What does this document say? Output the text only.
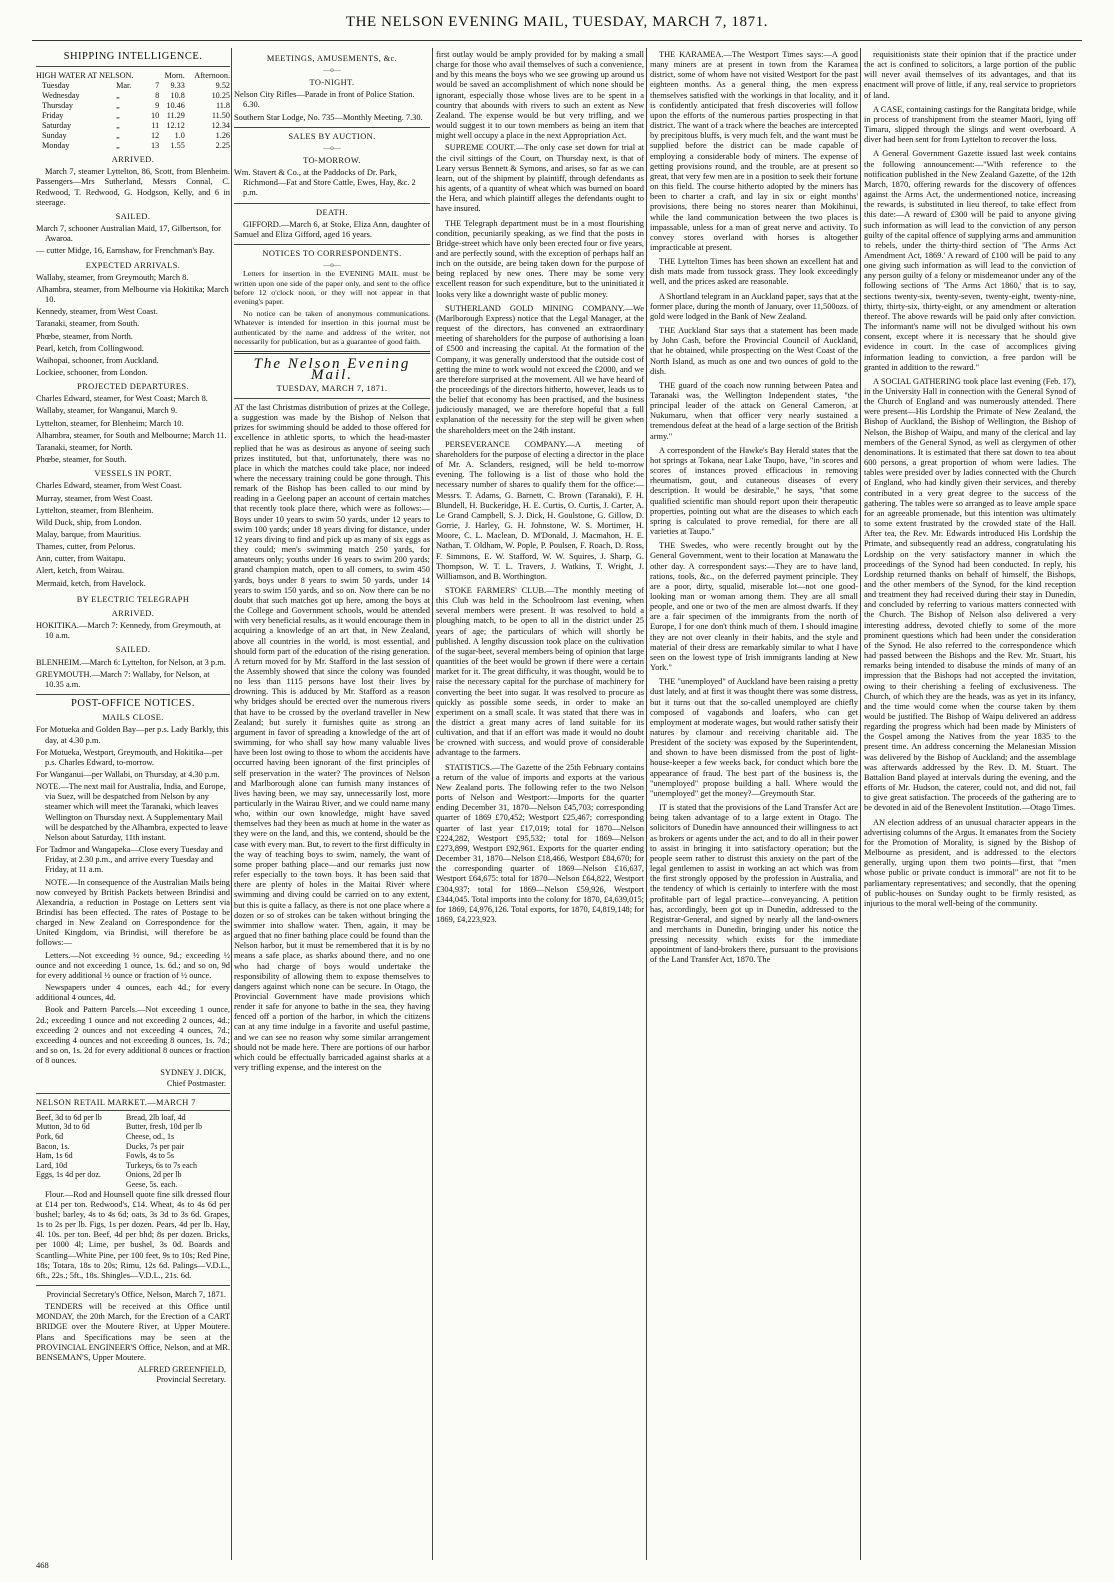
THE NELSON EVENING MAIL, TUESDAY, MARCH 7, 1871.
SHIPPING INTELLIGENCE.
HIGH WATER AT NELSON.			Morn.	Afternoon.
Tuesday	Mar.	7	9.33	9.52
Wednesday	„	8	10.8	10.25
Thursday	„	9	10.46	11.8
Friday	„	10	11.29	11.50
Saturday	„	11	12.12	12.34
Sunday	„	12	1.0	1.26
Monday	„	13	1.55	2.25
ARRIVED.

March 7, steamer Lyttelton, 86, Scott, from Blenheim. Passengers—Mrs Sutherland, Messrs Connal, C. Redwood, T. Redwood, G. Hodgson, Kelly, and 6 in steerage.

SAILED.

March 7, schooner Australian Maid, 17, Gilbertson, for Awaroa.

— cutter Midge, 16, Earnshaw, for Frenchman's Bay.

EXPECTED ARRIVALS.

Wallaby, steamer, from Greymouth; March 8.

Alhambra, steamer, from Melbourne via Hokitika; March 10.

Kennedy, steamer, from West Coast.

Taranaki, steamer, from South.

Phœbe, steamer, from North.

Pearl, ketch, from Collingwood.

Waihopai, schooner, from Auckland.

Lockiee, schooner, from London.

PROJECTED DEPARTURES.

Charles Edward, steamer, for West Coast; March 8.

Wallaby, steamer, for Wanganui, March 9.

Lyttelton, steamer, for Blenheim; March 10.

Alhambra, steamer, for South and Melbourne; March 11.

Taranaki, steamer, for North.

Phœbe, steamer, for South.

VESSELS IN PORT.

Charles Edward, steamer, from West Coast.

Murray, steamer, from West Coast.

Lyttelton, steamer, from Blenheim.

Wild Duck, ship, from London.

Malay, barque, from Mauritius.

Thames, cutter, from Pelorus.

Ann, cutter, from Waitapu.

Alert, ketch, from Wairau.

Mermaid, ketch, from Havelock.

BY ELECTRIC TELEGRAPH
ARRIVED.

HOKITIKA.—March 7: Kennedy, from Greymouth, at 10 a.m.

SAILED.

BLENHEIM.—March 6: Lyttelton, for Nelson, at 3 p.m.

GREYMOUTH.—March 7: Wallaby, for Nelson, at 10.35 a.m.

POST-OFFICE NOTICES.
MAILS CLOSE.

For Motueka and Golden Bay—per p.s. Lady Barkly, this day, at 4.30 p.m.

For Motueka, Westport, Greymouth, and Hokitika—per p.s. Charles Edward, to-morrow.

For Wanganui—per Wallabi, on Thursday, at 4.30 p.m.

NOTE.—The next mail for Australia, India, and Europe, via Suez, will be despatched from Nelson by any steamer which will meet the Taranaki, which leaves Wellington on Thursday next. A Supplementary Mail will be despatched by the Alhambra, expected to leave Nelson about Saturday, 11th instant.

For Tadmor and Wangapeka—Close every Tuesday and Friday, at 2.30 p.m., and arrive every Tuesday and Friday, at 11 a.m.

NOTE.—In consequence of the Australian Mails being now conveyed by British Packets between Brindisi and Alexandria, a reduction in Postage on Letters sent via Brindisi has been effected. The rates of Postage to be charged in New Zealand on Correspondence for the United Kingdom, via Brindisi, will therefore be as follows:—

Letters.—Not exceeding ½ ounce, 9d.; exceeding ½ ounce and not exceeding 1 ounce, 1s. 6d.; and so on, 9d for every additional ½ ounce or fraction of ½ ounce.

Newspapers under 4 ounces, each 4d.; for every additional 4 ounces, 4d.

Book and Pattern Parcels.—Not exceeding 1 ounce, 2d.; exceeding 1 ounce and not exceeding 2 ounces, 4d.; exceeding 2 ounces and not exceeding 4 ounces, 7d.; exceeding 4 ounces and not exceeding 8 ounces, 1s. 7d.; and so on, 1s. 2d for every additional 8 ounces or fraction of 8 ounces.

SYDNEY J. DICK,
Chief Postmaster.
NELSON RETAIL MARKET.—MARCH 7
Beef, 3d to 6d per lb	Bread, 2lb loaf, 4d
Mutton, 3d to 6d	Butter, fresh, 10d per lb
Pork, 6d	Cheese, od., 1s
Bacon, 1s.	Ducks, 7s per pair
Ham, 1s 6d	Fowls, 4s to 5s
Lard, 10d	Turkeys, 6s to 7s each
Eggs, 1s 4d per doz.	Onions, 2d per lb
	Geese, 5s. each.

Flour.—Rod and Hounsell quote fine silk dressed flour at £14 per ton. Redwood's, £14. Wheat, 4s to 4s 6d per bushel; barley, 4s to 4s 6d; oats, 3s 3d to 3s 6d. Grapes, 1s to 2s per lb. Figs, 1s per dozen. Pears, 4d per lb. Hay, 4l. 10s. per ton. Beef, 4d per bhd; 8s per dozen. Bricks, per 1000 4l; Lime, per bushel, 3s 0d. Boards and Scantling—White Pine, per 100 feet, 9s to 10s; Red Pine, 18s; Totara, 18s to 20s; Rimu, 12s 6d. Palings—V.D.L., 6ft., 22s.; 5ft., 18s. Shingles—V.D.L., 21s. 6d.

Provincial Secretary's Office, Nelson, March 7, 1871.

TENDERS will be received at this Office until MONDAY, the 20th March, for the Erection of a CART BRIDGE over the Moutere River, at Upper Moutere. Plans and Specifications may be seen at the PROVINCIAL ENGINEER'S Office, Nelson, and at MR. BENSEMAN'S, Upper Moutere.

ALFRED GREENFIELD,
Provincial Secretary.
MEETINGS, AMUSEMENTS, &c.
—o—
TO-NIGHT.

Nelson City Rifles—Parade in front of Police Station. 6.30.

Southern Star Lodge, No. 735—Monthly Meeting. 7.30.

SALES BY AUCTION.
—o—
TO-MORROW.

Wm. Stavert & Co., at the Paddocks of Dr. Park, Richmond—Fat and Store Cattle, Ewes, Hay, &c. 2 p.m.

DEATH.

GIFFORD.—March 6, at Stoke, Eliza Ann, daughter of Samuel and Eliza Gifford, aged 16 years.

NOTICES TO CORRESPONDENTS.
—o—

Letters for insertion in the EVENING MAIL must be written upon one side of the paper only, and sent to the office before 12 o'clock noon, or they will not appear in that evening's paper.

No notice can be taken of anonymous communications. Whatever is intended for insertion in this journal must be authenticated by the name and address of the writer, not necessarily for publication, but as a guarantee of good faith.

The Nelson Evening Mail.
TUESDAY, MARCH 7, 1871.

AT the last Christmas distribution of prizes at the College, a suggestion was made by the Bishop of Nelson that prizes for swimming should be added to those offered for excellence in athletic sports, to which the head-master replied that he was as desirous as anyone of seeing such prizes instituted, but that, unfortunately, there was no place in which the matches could take place, nor indeed where the necessary training could be gone through. This remark of the Bishop has been called to our mind by reading in a Geelong paper an account of certain matches that recently took place there, which were as follows:—Boys under 10 years to swim 50 yards, under 12 years to swim 100 yards; under 18 years diving for distance, under 12 years diving to find and pick up as many of six eggs as they could; men's swimming match 250 yards, for amateurs only; youths under 16 years to swim 200 yards; grand champion match, open to all comers, to swim 450 yards, boys under 8 years to swim 50 yards, under 14 years to swim 150 yards, and so on. Now there can be no doubt that such matches got up here, among the boys at the College and Government schools, would be attended with very beneficial results, as it would encourage them in acquiring a knowledge of an art that, in New Zealand, above all countries in the world, is most essential, and should form part of the education of the rising generation. A return moved for by Mr. Stafford in the last session of the Assembly showed that since the colony was founded no less than 1115 persons have lost their lives by drowning. This is adduced by Mr. Stafford as a reason why bridges should be erected over the numerous rivers that have to be crossed by the overland traveller in New Zealand; but surely it furnishes quite as strong an argument in favor of spreading a knowledge of the art of swimming, for who shall say how many valuable lives have been lost owing to those to whom the accidents have occurred having been ignorant of the first principles of self preservation in the water? The provinces of Nelson and Marlborough alone can furnish many instances of lives having been, we may say, unnecessarily lost, more particularly in the Wairau River, and we could name many who, within our own knowledge, might have saved themselves had they been as much at home in the water as they were on the land, and this, we contend, should be the case with every man. But, to revert to the first difficulty in the way of teaching boys to swim, namely, the want of some proper bathing place—and our remarks just now refer especially to the town boys. It has been said that there are plenty of holes in the Maitai River where swimming and diving could be carried on to any extent, but this is quite a fallacy, as there is not one place where a dozen or so of strokes can be taken without bringing the swimmer into shallow water. Then, again, it may be argued that no finer bathing place could be found than the Nelson harbor, but it must be remembered that it is by no means a safe place, as sharks abound there, and no one who had charge of boys would undertake the responsibility of allowing them to expose themselves to dangers against which none can be secure. In Otago, the Provincial Government have made provisions which render it safe for anyone to bathe in the sea, they having fenced off a portion of the harbor, in which the citizens can at any time indulge in a favorite and useful pastime, and we can see no reason why some similar arrangement should not be made here. There are portions of our harbor which could be effectually barricaded against sharks at a very trifling expense, and the interest on the

first outlay would be amply provided for by making a small charge for those who avail themselves of such a convenience, and by this means the boys who we see growing up around us would be saved an accomplishment of which none should be ignorant, especially those whose lives are to be spent in a country that abounds with rivers to such an extent as New Zealand. The expense would be but very trifling, and we would suggest it to our town members as being an item that might well occupy a place in the next Appropriation Act.

SUPREME COURT.—The only case set down for trial at the civil sittings of the Court, on Thursday next, is that of Leary versus Bennett & Symons, and arises, so far as we can learn, out of the shipment by plaintiff, through defendants as his agents, of a quantity of wheat which was burned on board the Hera, and which plaintiff alleges the defendants ought to have insured.

THE Telegraph department must be in a most flourishing condition, pecuniarily speaking, as we find that the posts in Bridge-street which have only been erected four or five years, and are perfectly sound, with the exception of perhaps half an inch on the outside, are being taken down for the purpose of being replaced by new ones. There may be some very excellent reason for such expenditure, but to the uninitiated it looks very like a downright waste of public money.

SUTHERLAND GOLD MINING COMPANY.—We (Marlborough Express) notice that the Legal Manager, at the request of the directors, has convened an extraordinary meeting of shareholders for the purpose of authorising a loan of £500 and increasing the capital. At the formation of the Company, it was generally understood that the outside cost of getting the mine to work would not exceed the £2000, and we are therefore surprised at the movement. All we have heard of the proceedings of the directors hitherto, however, leads us to the belief that economy has been practised, and the business judiciously managed, we are therefore hopeful that a full explanation of the necessity for the step will be given when the shareholders meet on the 24th instant.

PERSEVERANCE COMPANY.—A meeting of shareholders for the purpose of electing a director in the place of Mr. A. Sclanders, resigned, will be held to-morrow evening. The following is a list of those who hold the necessary number of shares to qualify them for the office:—Messrs. T. Adams, G. Barnett, C. Brown (Taranaki), F. H. Blundell, H. Buckeridge, H. E. Curtis, O. Curtis, J. Carter, A. Le Grand Campbell, S. J. Dick, H. Goulstone, G. Gillow, D. Gorrie, J. Harley, G. H. Johnstone, W. S. Mortimer, H. Moore, C. L. Maclean, D. M'Donald, J. Macmahon, H. E. Nathan, T. Oldham, W. Pople, P. Poulsen, F. Roach, D. Ross, F. Simmons, E. W. Stafford, W. W. Squires, J. Sharp, G. Thompson, W. T. L. Travers, J. Watkins, T. Wright, J. Williamson, and B. Worthington.

STOKE FARMERS' CLUB.—The monthly meeting of this Club was held in the Schoolroom last evening, when several members were present. It was resolved to hold a ploughing match, to be open to all in the district under 25 years of age; the particulars of which will shortly be published. A lengthy discussion took place on the cultivation of the sugar-beet, several members being of opinion that large quantities of the beet would be grown if there were a certain market for it. The great difficulty, it was thought, would be to raise the necessary capital for the purchase of machinery for converting the beet into sugar. It was resolved to procure as quickly as possible some seeds, in order to make an experiment on a small scale. It was stated that there was in the district a great many acres of land suitable for its cultivation, and that if an effort was made it would no doubt be crowned with success, and would prove of considerable advantage to the farmers.

STATISTICS.—The Gazette of the 25th February contains a return of the value of imports and exports at the various New Zealand ports. The following refer to the two Nelson ports of Nelson and Westport:—Imports for the quarter ending December 31, 1870—Nelson £45,703; corresponding quarter of 1869 £70,452; Westport £25,467; corresponding quarter of last year £17,019; total for 1870—Nelson £224,282, Westport £95,532; total for 1869—Nelson £273,899, Westport £92,961. Exports for the quarter ending December 31, 1870—Nelson £18,466, Westport £84,670; for the corresponding quarter of 1869—Nelson £16,637, Westport £64,675: total for 1870—Nelson £64,822, Westport £304,937; total for 1869—Nelson £59,926, Westport £344,045. Total imports into the colony for 1870, £4,639,015; for 1869, £4,976,126. Total exports, for 1870, £4,819,148; for 1869, £4,223,923.

THE KARAMEA.—The Westport Times says:—A good many miners are at present in town from the Karamea district, some of whom have not visited Westport for the past eighteen months. As a general thing, the men express themselves satisfied with the workings in that locality, and it is confidently anticipated that fresh discoveries will follow upon the efforts of the numerous parties prospecting in that district. The want of a track where the beaches are intercepted by precipitous bluffs, is very much felt, and the want must be supplied before the district can be made capable of employing a considerable body of miners. The expense of getting provisions round, and the trouble, are at present so great, that very few men are in a position to seek their fortune on this field. The course hitherto adopted by the miners has been to charter a craft, and lay in six or eight months' provisions, there being no stores nearer than Mokihinui, while the land communication between the two places is impassable, unless for a man of great nerve and activity. To convey stores overland with horses is altogether impracticable at present.

THE Lyttelton Times has been shown an excellent hat and dish mats made from tussock grass. They look exceedingly well, and the prices asked are reasonable.

A Shortland telegram in an Auckland paper, says that at the former place, during the month of January, over 11,500ozs. of gold were lodged in the Bank of New Zealand.

THE Auckland Star says that a statement has been made by John Cash, before the Provincial Council of Auckland, that he obtained, while prospecting on the West Coast of the North Island, as much as one and two ounces of gold to the dish.

THE guard of the coach now running between Patea and Taranaki was, the Wellington Independent states, "the principal leader of the attack on General Cameron, at Nukumaru, when that officer very nearly sustained a tremendous defeat at the head of a large section of the British army."

A correspondent of the Hawke's Bay Herald states that the hot springs at Tokana, near Lake Taupo, have, "in scores and scores of instances proved efficacious in removing rheumatism, gout, and cutaneous diseases of every description. It would be desirable," he says, "that some qualified scientific man should report upon their therapeutic properties, pointing out what are the diseases to which each spring is calculated to prove remedial, for there are all varieties at Taupo."

THE Swedes, who were recently brought out by the General Government, went to their location at Manawatu the other day. A correspondent says:—They are to have land, rations, tools, &c., on the deferred payment principle. They are a poor, dirty, squalid, miserable lot—not one good-looking man or woman among them. They are all small people, and one or two of the men are almost dwarfs. If they are a fair specimen of the immigrants from the north of Europe, I for one don't think much of them. I should imagine they are not over cleanly in their habits, and the style and material of their dress are remarkably similar to what I have seen on the lowest type of Irish immigrants landing at New York."

THE "unemployed" of Auckland have been raising a pretty dust lately, and at first it was thought there was some distress, but it turns out that the so-called unemployed are chiefly composed of vagabonds and loafers, who can get employment at moderate wages, but would rather satisfy their natures by clamour and receiving charitable aid. The President of the society was exposed by the Superintendent, and shown to have been dismissed from the post of light-house-keeper a few weeks back, for conduct which bore the appearance of fraud. The best part of the business is, the "unemployed" propose building a hall. Where would the "unemployed" get the money?—Greymouth Star.

IT is stated that the provisions of the Land Transfer Act are being taken advantage of to a large extent in Otago. The solicitors of Dunedin have announced their willingness to act as brokers or agents under the act, and to do all in their power to assist in bringing it into satisfactory operation; but the people seem rather to distrust this anxiety on the part of the legal gentlemen to assist in working an act which was from the first strongly opposed by the profession in Australia, and the tendency of which is certainly to interfere with the most profitable part of legal practice—conveyancing. A petition has, accordingly, been got up in Dunedin, addressed to the Registrar-General, and signed by nearly all the land-owners and merchants in Dunedin, bringing under his notice the pressing necessity which exists for the immediate appointment of land-brokers there, pursuant to the provisions of the Land Transfer Act, 1870. The

requisitionists state their opinion that if the practice under the act is confined to solicitors, a large portion of the public will never avail themselves of its advantages, and that its enactment will prove of little, if any, real service to proprietors of land.

A CASE, containing castings for the Rangitata bridge, while in process of transhipment from the steamer Maori, lying off Timaru, slipped through the slings and went overboard. A diver had been sent for from Lyttelton to recover the loss.

A General Government Gazette issued last week contains the following announcement:—"With reference to the notification published in the New Zealand Gazette, of the 12th March, 1870, offering rewards for the discovery of offences against the Arms Act, the undermentioned notice, increasing the rewards, is substituted in lieu thereof, to take effect from this date:—A reward of £300 will be paid to anyone giving such information as will lead to the conviction of any person guilty of the capital offence of supplying arms and ammunition to rebels, under the thirty-third section of 'The Arms Act Amendment Act, 1869.' A reward of £100 will be paid to any one giving such information as will lead to the conviction of any person guilty of a felony or misdemeanor under any of the following sections of 'The Arms Act 1860,' that is to say, sections twenty-six, twenty-seven, twenty-eight, twenty-nine, thirty, thirty-six, thirty-eight, or any amendment or alteration thereof. The above rewards will be paid only after conviction. The informant's name will not be divulged without his own consent, except where it is necessary that he should give evidence in court. In the case of accomplices giving information leading to conviction, a free pardon will be granted in addition to the reward."

A SOCIAL GATHERING took place last evening (Feb. 17), in the University Hall in connection with the General Synod of the Church of England and was numerously attended. There were present—His Lordship the Primate of New Zealand, the Bishop of Auckland, the Bishop of Wellington, the Bishop of Nelson, the Bishop of Waipu, and many of the clerical and lay members of the General Synod, as well as clergymen of other denominations. It is estimated that there sat down to tea about 600 persons, a great proportion of whom were ladies. The tables were presided over by ladies connected with the Church of England, who had kindly given their services, and thereby contributed in a very great degree to the success of the gathering. The tables were so arranged as to leave ample space for an agreeable promenade, but this intention was ultimately to some extent frustrated by the crowded state of the Hall. After tea, the Rev. Mr. Edwards introduced His Lordship the Primate, and subsequently read an address, congratulating his Lordship on the very satisfactory manner in which the proceedings of the Synod had been conducted. In reply, his Lordship returned thanks on behalf of himself, the Bishops, and the other members of the Synod, for the kind reception and treatment they had received during their stay in Dunedin, and concluded by referring to various matters connected with the Church. The Bishop of Nelson also delivered a very interesting address, devoted chiefly to some of the more prominent questions which had been under the consideration of the Synod. He also referred to the correspondence which had passed between the Bishops and the Rev. Mr. Stuart, his remarks being intended to disabuse the minds of many of an impression that the Bishops had not accepted the invitation, owing to their cherishing a feeling of exclusiveness. The Church, of which they are the heads, was as yet in its infancy, and the time would come when the course taken by them would be justified. The Bishop of Waipu delivered an address regarding the progress which had been made by Ministers of the Gospel among the Natives from the year 1835 to the present time. An address concerning the Melanesian Mission was delivered by the Bishop of Auckland; and the assemblage was afterwards addressed by the Rev. D. M. Stuart. The Battalion Band played at intervals during the evening, and the efforts of Mr. Hudson, the caterer, could not, and did not, fail to give great satisfaction. The proceeds of the gathering are to be devoted in aid of the Benevolent Institution.—Otago Times.

AN election address of an unusual character appears in the advertising columns of the Argus. It emanates from the Society for the Promotion of Morality, is signed by the Bishop of Melbourne as president, and is addressed to the electors generally, urging upon them two points—first, that "men whose public or private conduct is immoral" are not fit to be parliamentary representatives; and secondly, that the opening of public-houses on Sunday ought to be firmly resisted, as injurious to the moral well-being of the community.

468
